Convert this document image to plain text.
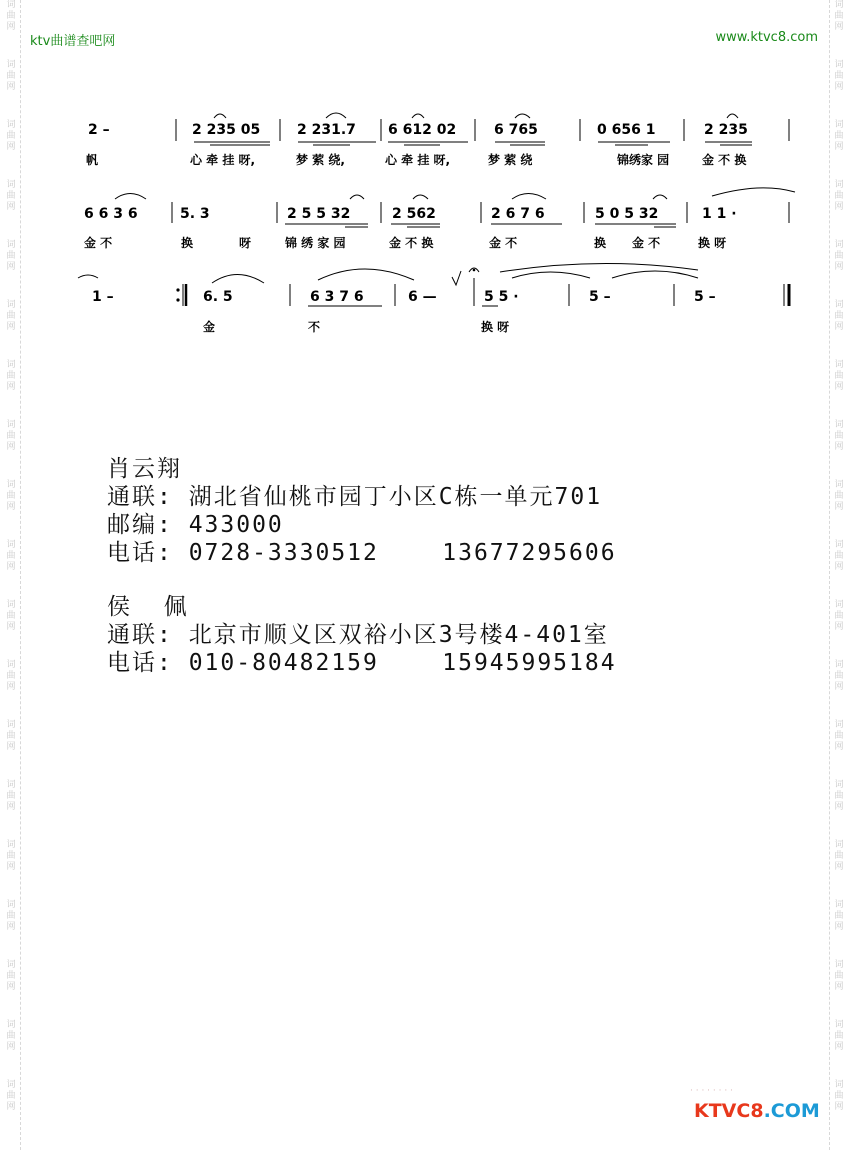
词
曲
网
词
曲
网
词
曲
网
词
曲
网
词
曲
网
词
曲
网
词
曲
网
词
曲
网
词
曲
网
词
曲
网
词
曲
网
词
曲
网
词
曲
网
词
曲
网
词
曲
网
词
曲
网
词
曲
网
词
曲
网
词
曲
网
词
曲
网
词
曲
网
词
曲
网
词
曲
网
词
曲
网
词
曲
网
词
曲
网
词
曲
网
词
曲
网
词
曲
网
词
曲
网
词
曲
网
词
曲
网
词
曲
网
词
曲
网
词
曲
网
词
曲
网
词
曲
网
词
曲
网
ktv曲谱查吧网	www.ktvc8.com
2 –	2 235 05	2 231.7 6 612 02	6 765	0 656 1	2 235
帆	心 牵 挂 呀,	梦 萦 绕,	心 牵 挂 呀,	梦 萦 绕	锦绣家 园	金 不 换
6 6 3 6	5. 3	2 5 5 32	2 562	2 6 7 6	5 0 5 32	1 1 ·
金 不	换	呀	锦 绣 家 园	金 不 换	金 不	换 金 不	换 呀
1 –	6. 5	6 3 7 6	6 —	5 5 ·	5 –	5 –
金	不	换 呀
肖云翔
通联: 湖北省仙桃市园丁小区C栋一单元701
邮编: 433000
电话: 0728-3330512    13677295606
侯  佩
通联: 北京市顺义区双裕小区3号楼4-401室
电话: 010-80482159    15945995184
· · · · · · · ·
KTVC8.COM
